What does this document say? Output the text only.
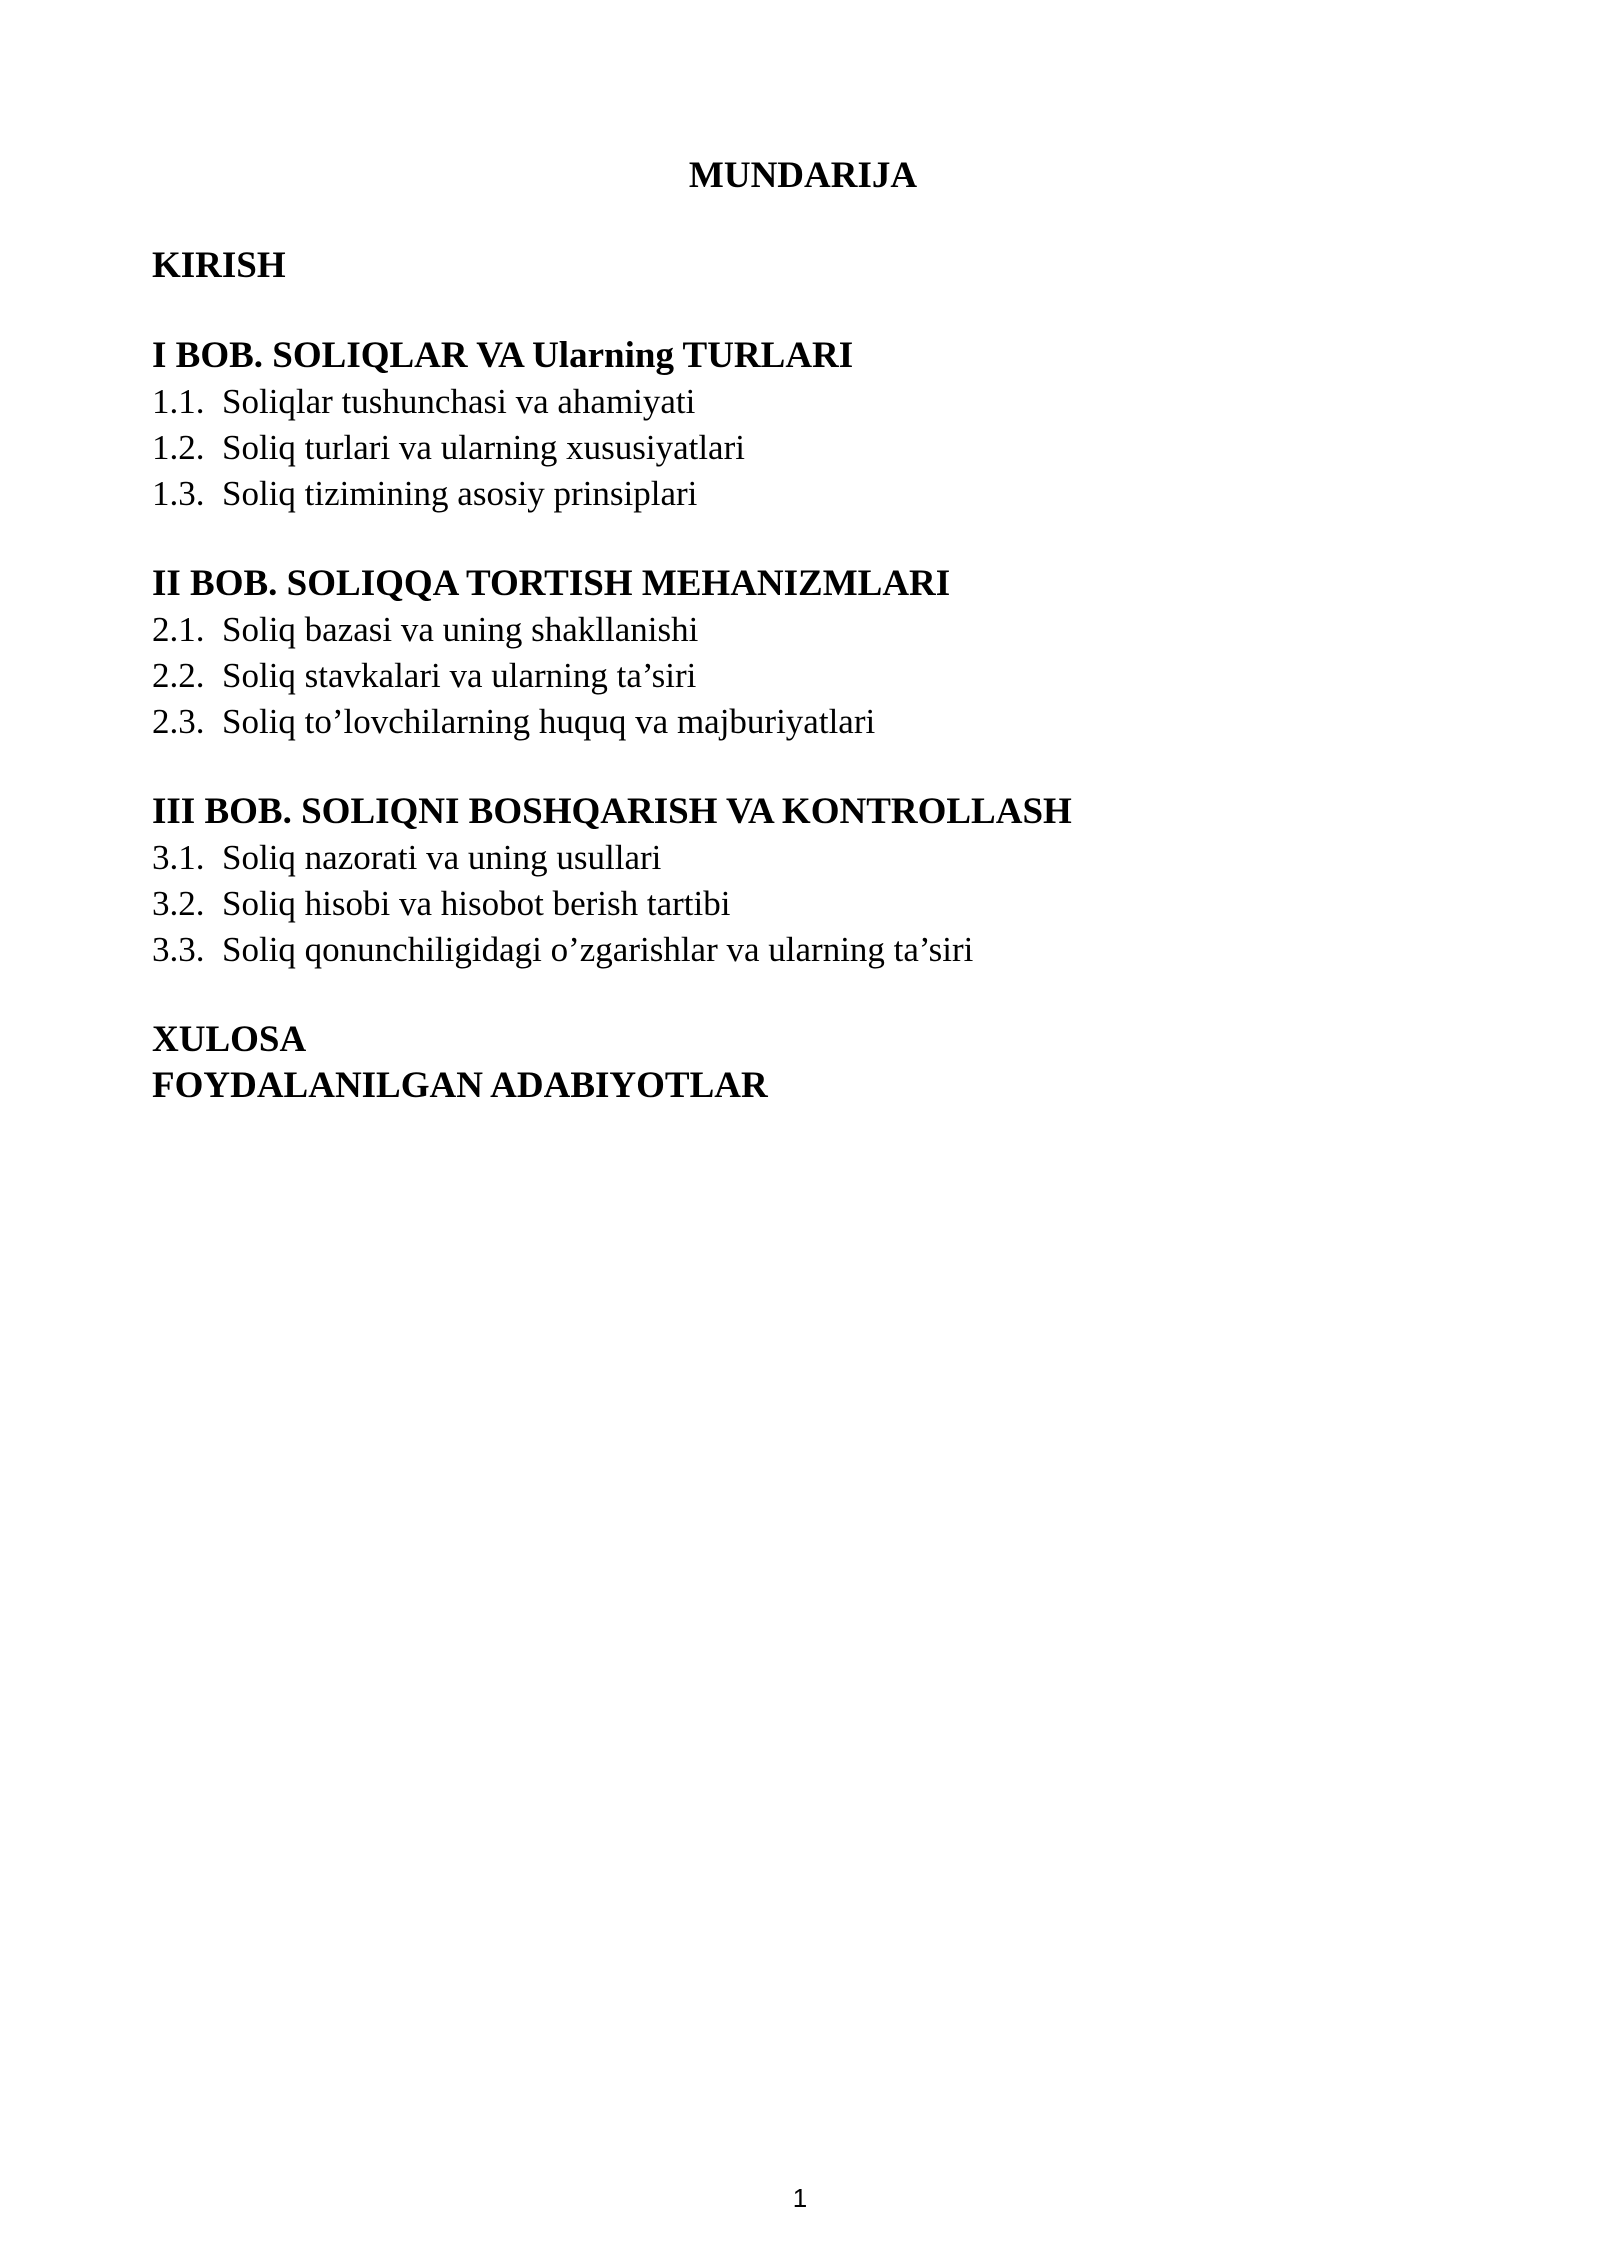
MUNDARIJA

KIRISH

I BOB. SOLIQLAR VA Ularning TURLARI

1.1. Soliqlar tushunchasi va ahamiyati

1.2. Soliq turlari va ularning xususiyatlari

1.3. Soliq tizimining asosiy prinsiplari

II BOB. SOLIQQA TORTISH MEHANIZMLARI

2.1. Soliq bazasi va uning shakllanishi

2.2. Soliq stavkalari va ularning ta’siri

2.3. Soliq to’lovchilarning huquq va majburiyatlari

III BOB. SOLIQNI BOSHQARISH VA KONTROLLASH

3.1. Soliq nazorati va uning usullari

3.2. Soliq hisobi va hisobot berish tartibi

3.3. Soliq qonunchiligidagi o’zgarishlar va ularning ta’siri

XULOSA

FOYDALANILGAN ADABIYOTLAR

1
